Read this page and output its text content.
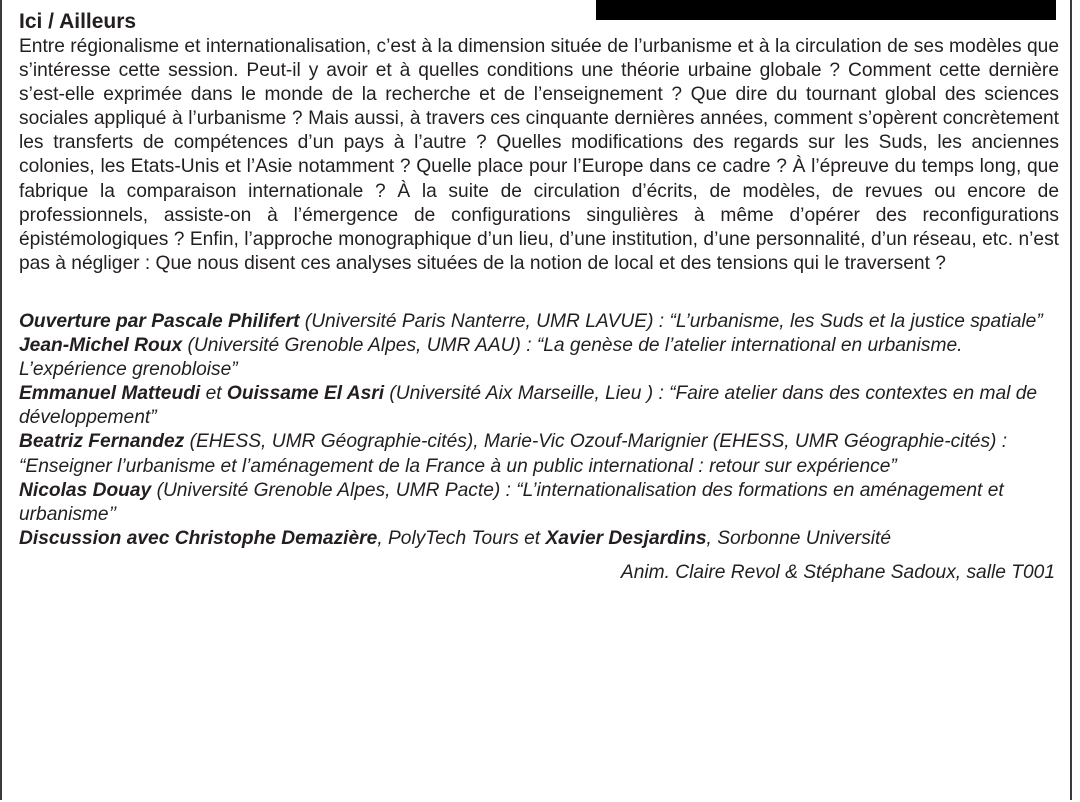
Ici / Ailleurs

Entre régionalisme et internationalisation, c’est à la dimension située de l’urbanisme et à la circulation de ses modèles que s’intéresse cette session. Peut-il y avoir et à quelles conditions une théorie urbaine globale ? Comment cette dernière s’est-elle exprimée dans le monde de la recherche et de l’enseignement ? Que dire du tournant global des sciences sociales appliqué à l’urbanisme ? Mais aussi, à travers ces cinquante dernières années, comment s’opèrent concrètement les transferts de compétences d’un pays à l’autre ? Quelles modifications des regards sur les Suds, les anciennes colonies, les Etats-Unis et l’Asie notamment ? Quelle place pour l’Europe dans ce cadre ? À l’épreuve du temps long, que fabrique la comparaison internationale ? À la suite de circulation d’écrits, de modèles, de revues ou encore de professionnels, assiste-on à l’émergence de configurations singulières à même d’opérer des reconfigurations épistémologiques ? Enfin, l’approche monographique d’un lieu, d’une institution, d’une personnalité, d’un réseau, etc. n’est pas à négliger : Que nous disent ces analyses situées de la notion de local et des tensions qui le traversent ?

Ouverture par Pascale Philifert (Université Paris Nanterre, UMR LAVUE) : “L’urbanisme, les Suds et la justice spatiale”

Jean-Michel Roux (Université Grenoble Alpes, UMR AAU) : “La genèse de l’atelier international en urbanisme. L’expérience grenobloise”

Emmanuel Matteudi et Ouissame El Asri (Université Aix Marseille, Lieu ) : “Faire atelier dans des contextes en mal de développement”

Beatriz Fernandez (EHESS, UMR Géographie-cités), Marie-Vic Ozouf-Marignier (EHESS, UMR Géographie-cités) : “Enseigner l’urbanisme et l’aménagement de la France à un public international : retour sur expérience”

Nicolas Douay (Université Grenoble Alpes, UMR Pacte) : “L’internationalisation des formations en aménagement et urbanisme’’

Discussion avec Christophe Demazière, PolyTech Tours et Xavier Desjardins, Sorbonne Université

Anim. Claire Revol & Stéphane Sadoux, salle T001
